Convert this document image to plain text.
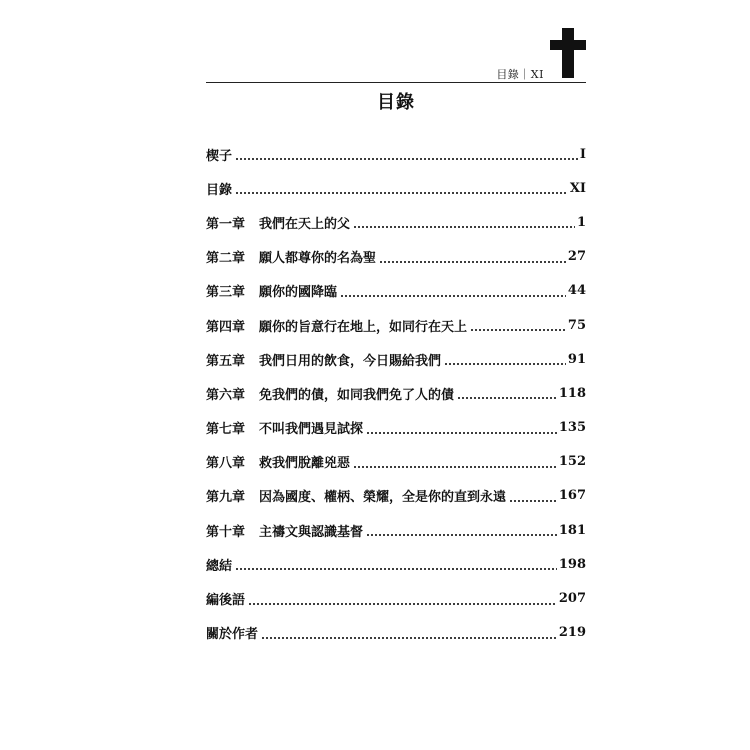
目錄｜XI
目錄
楔子	I
目錄	XI
第一章 我們在天上的父	1
第二章 願人都尊你的名為聖	27
第三章 願你的國降臨	44
第四章 願你的旨意行在地上，如同行在天上	75
第五章 我們日用的飲食，今日賜給我們	91
第六章 免我們的債，如同我們免了人的債	118
第七章 不叫我們遇見試探	135
第八章 救我們脫離兇惡	152
第九章 因為國度、權柄、榮耀，全是你的直到永遠	167
第十章 主禱文與認識基督	181
總結	198
編後語	207
關於作者	219
